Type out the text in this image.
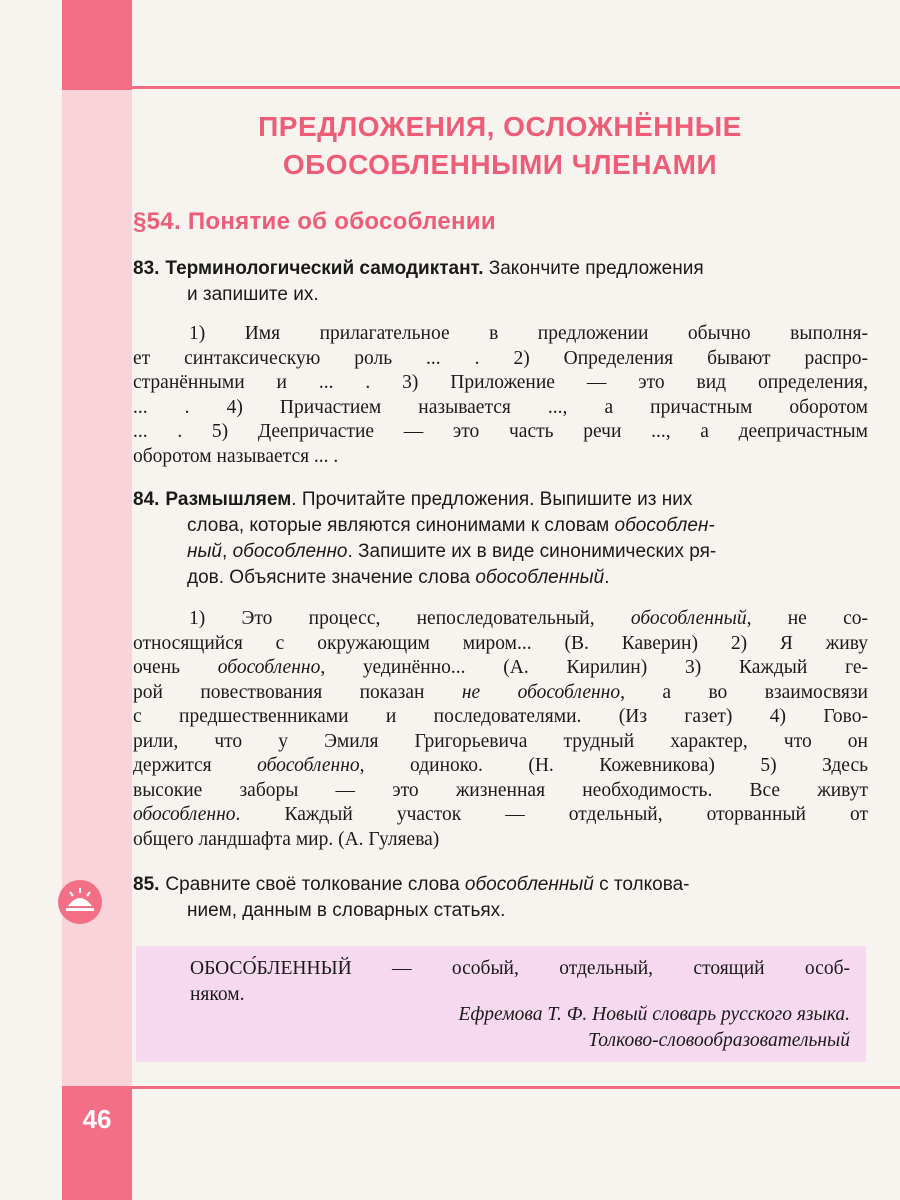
46
ПРЕДЛОЖЕНИЯ, ОСЛОЖНЁННЫЕ
ОБОСОБЛЕННЫМИ ЧЛЕНАМИ
§54. Понятие об обособлении
83. Терминологический самодиктант. Закончите предложения
и запишите их.
1) Имя прилагательное в предложении обычно выполня-
ет синтаксическую роль ... . 2) Определения бывают распро-
странёнными и ... . 3) Приложение — это вид определения,
... . 4) Причастием называется ..., а причастным оборотом
... . 5) Деепричастие — это часть речи ..., а деепричастным
оборотом называется ... .
84. Размышляем. Прочитайте предложения. Выпишите из них
слова, которые являются синонимами к словам обособлен-
ный, обособленно. Запишите их в виде синонимических ря-
дов. Объясните значение слова обособленный.
1) Это процесс, непоследовательный, обособленный, не со-
относящийся с окружающим миром... (В. Каверин) 2) Я живу
очень обособленно, уединённо... (А. Кирилин) 3) Каждый ге-
рой повествования показан не обособленно, а во взаимосвязи
с предшественниками и последователями. (Из газет) 4) Гово-
рили, что у Эмиля Григорьевича трудный характер, что он
держится обособленно, одиноко. (Н. Кожевникова) 5) Здесь
высокие заборы — это жизненная необходимость. Все живут
обособленно. Каждый участок — отдельный, оторванный от
общего ландшафта мир. (А. Гуляева)
85. Сравните своё толкование слова обособленный с толкова-
нием, данным в словарных статьях.
ОБОСО́БЛЕННЫЙ — особый, отдельный, стоящий особ-
няком.
Ефремова Т. Ф. Новый словарь русского языка.
Толково-словообразовательный
